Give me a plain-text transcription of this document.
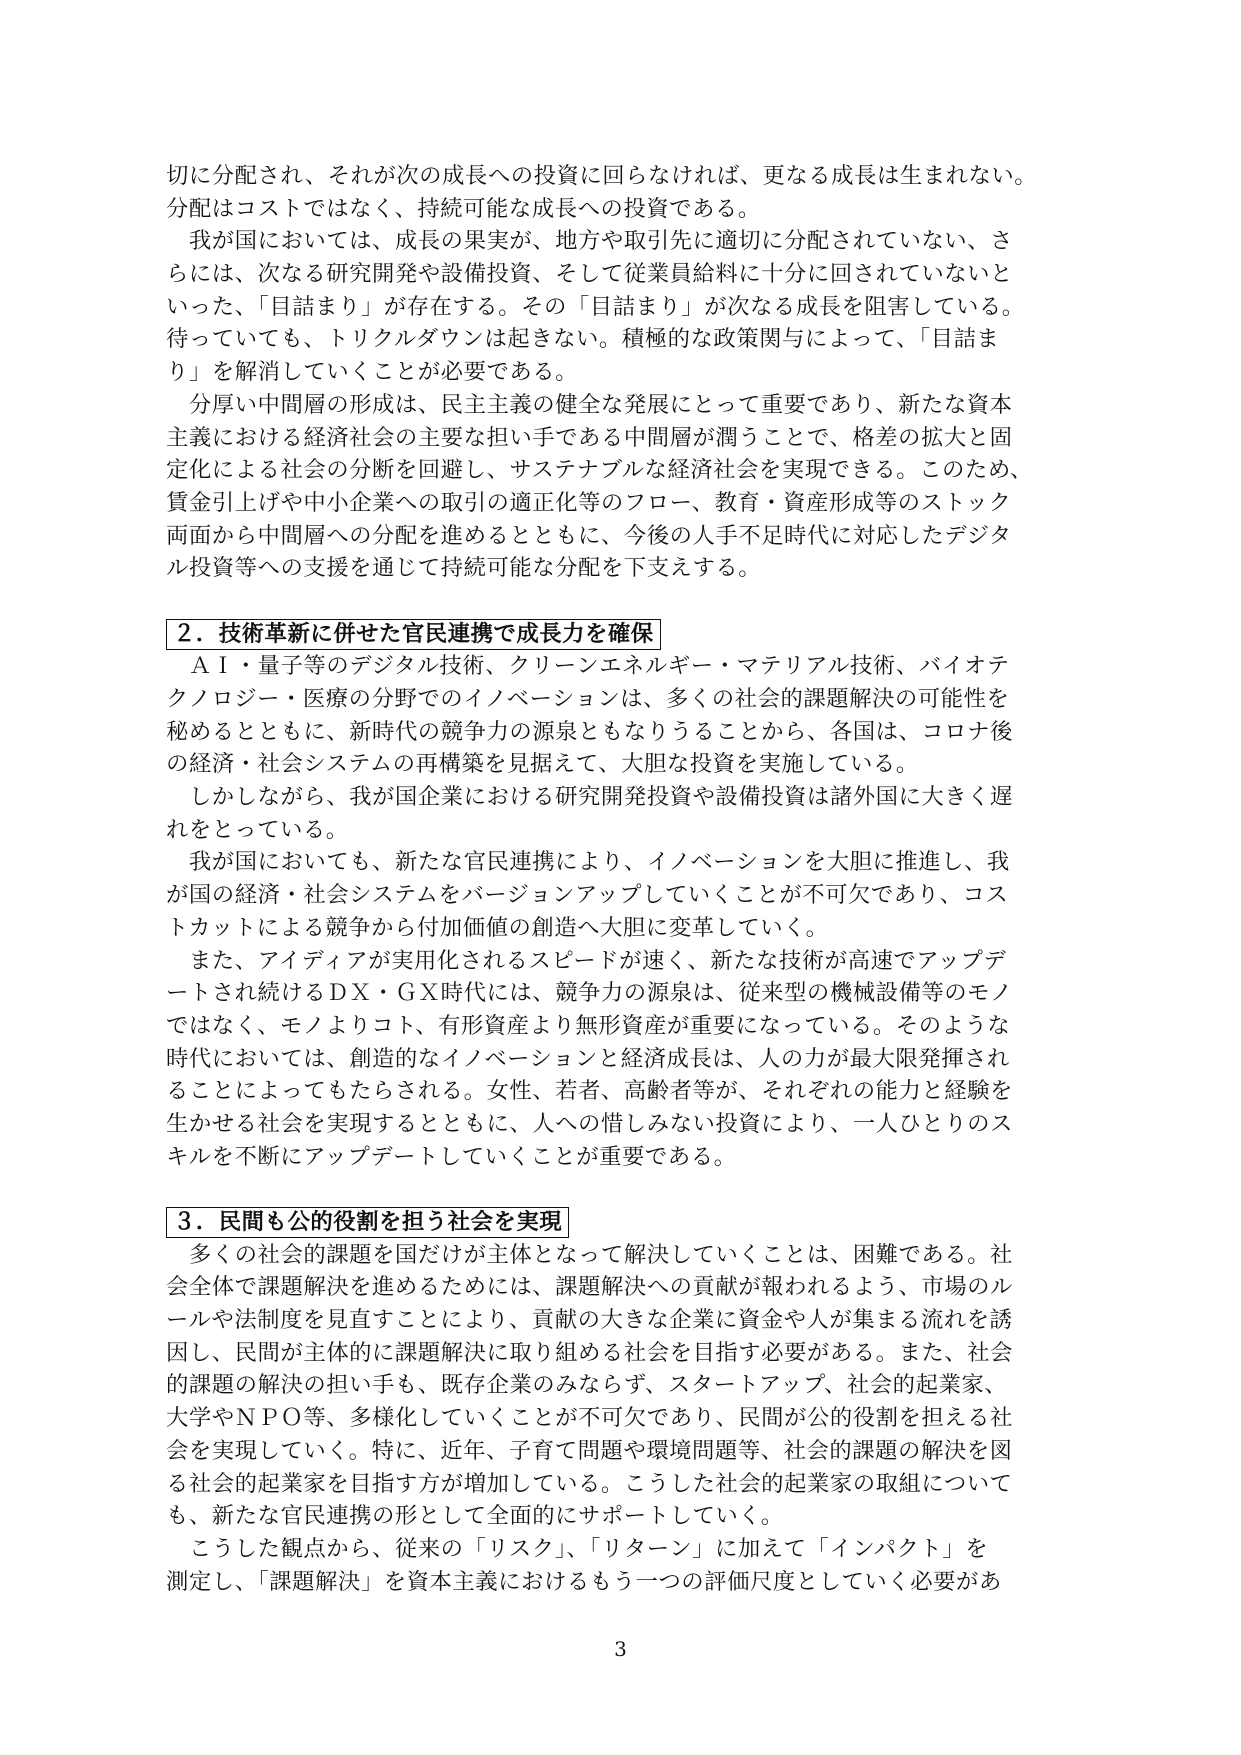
切に分配され、それが次の成長への投資に回らなければ、更なる成長は生まれない。
分配はコストではなく、持続可能な成長への投資である。
　我が国においては、成長の果実が、地方や取引先に適切に分配されていない、さ
らには、次なる研究開発や設備投資、そして従業員給料に十分に回されていないと
いった、「目詰まり」が存在する。その「目詰まり」が次なる成長を阻害している。
待っていても、トリクルダウンは起きない。積極的な政策関与によって、「目詰ま
り」を解消していくことが必要である。
　分厚い中間層の形成は、民主主義の健全な発展にとって重要であり、新たな資本
主義における経済社会の主要な担い手である中間層が潤うことで、格差の拡大と固
定化による社会の分断を回避し、サステナブルな経済社会を実現できる。このため、
賃金引上げや中小企業への取引の適正化等のフロー、教育・資産形成等のストック
両面から中間層への分配を進めるとともに、今後の人手不足時代に対応したデジタ
ル投資等への支援を通じて持続可能な分配を下支えする。
２．技術革新に併せた官民連携で成長力を確保
　ＡＩ・量子等のデジタル技術、クリーンエネルギー・マテリアル技術、バイオテ
クノロジー・医療の分野でのイノベーションは、多くの社会的課題解決の可能性を
秘めるとともに、新時代の競争力の源泉ともなりうることから、各国は、コロナ後
の経済・社会システムの再構築を見据えて、大胆な投資を実施している。
　しかしながら、我が国企業における研究開発投資や設備投資は諸外国に大きく遅
れをとっている。
　我が国においても、新たな官民連携により、イノベーションを大胆に推進し、我
が国の経済・社会システムをバージョンアップしていくことが不可欠であり、コス
トカットによる競争から付加価値の創造へ大胆に変革していく。
　また、アイディアが実用化されるスピードが速く、新たな技術が高速でアップデ
ートされ続けるＤＸ・ＧＸ時代には、競争力の源泉は、従来型の機械設備等のモノ
ではなく、モノよりコト、有形資産より無形資産が重要になっている。そのような
時代においては、創造的なイノベーションと経済成長は、人の力が最大限発揮され
ることによってもたらされる。女性、若者、高齢者等が、それぞれの能力と経験を
生かせる社会を実現するとともに、人への惜しみない投資により、一人ひとりのス
キルを不断にアップデートしていくことが重要である。
３．民間も公的役割を担う社会を実現
　多くの社会的課題を国だけが主体となって解決していくことは、困難である。社
会全体で課題解決を進めるためには、課題解決への貢献が報われるよう、市場のル
ールや法制度を見直すことにより、貢献の大きな企業に資金や人が集まる流れを誘
因し、民間が主体的に課題解決に取り組める社会を目指す必要がある。また、社会
的課題の解決の担い手も、既存企業のみならず、スタートアップ、社会的起業家、
大学やＮＰＯ等、多様化していくことが不可欠であり、民間が公的役割を担える社
会を実現していく。特に、近年、子育て問題や環境問題等、社会的課題の解決を図
る社会的起業家を目指す方が増加している。こうした社会的起業家の取組について
も、新たな官民連携の形として全面的にサポートしていく。
　こうした観点から、従来の「リスク」、「リターン」に加えて「インパクト」を
測定し、「課題解決」を資本主義におけるもう一つの評価尺度としていく必要があ
3
